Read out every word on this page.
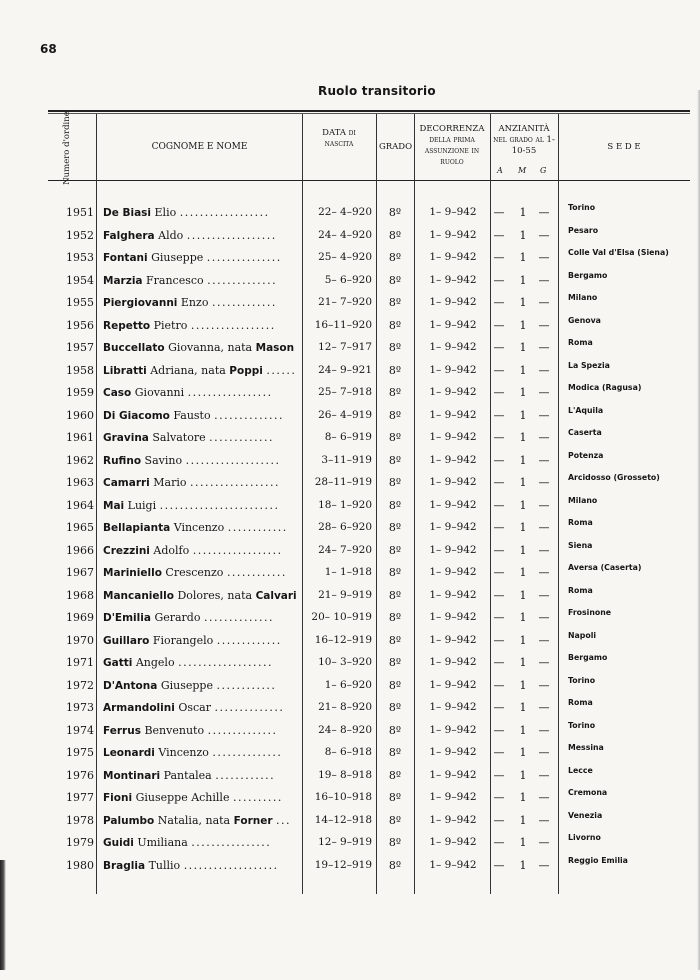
68
Ruolo transitorio
Numero d'ordine	COGNOME E NOME
DATA di nascita	GRADO
DECORRENZA della prima assunzione in ruolo
ANZIANITÀ nel grado al 1-10-55
A M G
S E D E
1951 De Biasi Elio ..................	22– 4–920	8º	1– 9–942	—	1	— Torino
1952 Falghera Aldo ..................	24– 4–920	8º	1– 9–942	—	1	— Pesaro
1953 Fontani Giuseppe ...............	25– 4–920	8º	1– 9–942	—	1	— Colle Val d'Elsa (Siena)
1954 Marzia Francesco ..............	5– 6–920	8º	1– 9–942	—	1	— Bergamo
1955 Piergiovanni Enzo .............	21– 7–920	8º	1– 9–942	—	1	— Milano
1956 Repetto Pietro .................	16–11–920	8º	1– 9–942	—	1	— Genova
1957 Buccellato Giovanna, nata Mason	12– 7–917	8º	1– 9–942	—	1	— Roma
1958 Libratti Adriana, nata Poppi ......	24– 9–921	8º	1– 9–942	—	1	— La Spezia
1959 Caso Giovanni .................	25– 7–918	8º	1– 9–942	—	1	— Modica (Ragusa)
1960 Di Giacomo Fausto ..............	26– 4–919	8º	1– 9–942	—	1	— L'Aquila
1961 Gravina Salvatore .............	8– 6–919	8º	1– 9–942	—	1	— Caserta
1962 Rufino Savino ...................	3–11–919	8º	1– 9–942	—	1	— Potenza
1963 Camarri Mario ..................	28–11–919	8º	1– 9–942	—	1	— Arcidosso (Grosseto)
1964 Mai Luigi ........................	18– 1–920	8º	1– 9–942	—	1	— Milano
1965 Bellapianta Vincenzo ............	28– 6–920	8º	1– 9–942	—	1	— Roma
1966 Crezzini Adolfo ..................	24– 7–920	8º	1– 9–942	—	1	— Siena
1967 Mariniello Crescenzo ............	1– 1–918	8º	1– 9–942	—	1	— Aversa (Caserta)
1968 Mancaniello Dolores, nata Calvari	21– 9–919	8º	1– 9–942	—	1	— Roma
1969 D'Emilia Gerardo ..............	20– 10–919	8º	1– 9–942	—	1	— Frosinone
1970 Guillaro Fiorangelo .............	16–12–919	8º	1– 9–942	—	1	— Napoli
1971 Gatti Angelo ...................	10– 3–920	8º	1– 9–942	—	1	— Bergamo
1972 D'Antona Giuseppe ............	1– 6–920	8º	1– 9–942	—	1	— Torino
1973 Armandolini Oscar ..............	21– 8–920	8º	1– 9–942	—	1	— Roma
1974 Ferrus Benvenuto ..............	24– 8–920	8º	1– 9–942	—	1	— Torino
1975 Leonardi Vincenzo ..............	8– 6–918	8º	1– 9–942	—	1	— Messina
1976 Montinari Pantalea ............	19– 8–918	8º	1– 9–942	—	1	— Lecce
1977 Fioni Giuseppe Achille ..........	16–10–918	8º	1– 9–942	—	1	— Cremona
1978 Palumbo Natalia, nata Forner ...	14–12–918	8º	1– 9–942	—	1	— Venezia
1979 Guidi Umiliana ................	12– 9–919	8º	1– 9–942	—	1	— Livorno
1980 Braglia Tullio ...................	19–12–919	8º	1– 9–942	—	1	— Reggio Emilia
